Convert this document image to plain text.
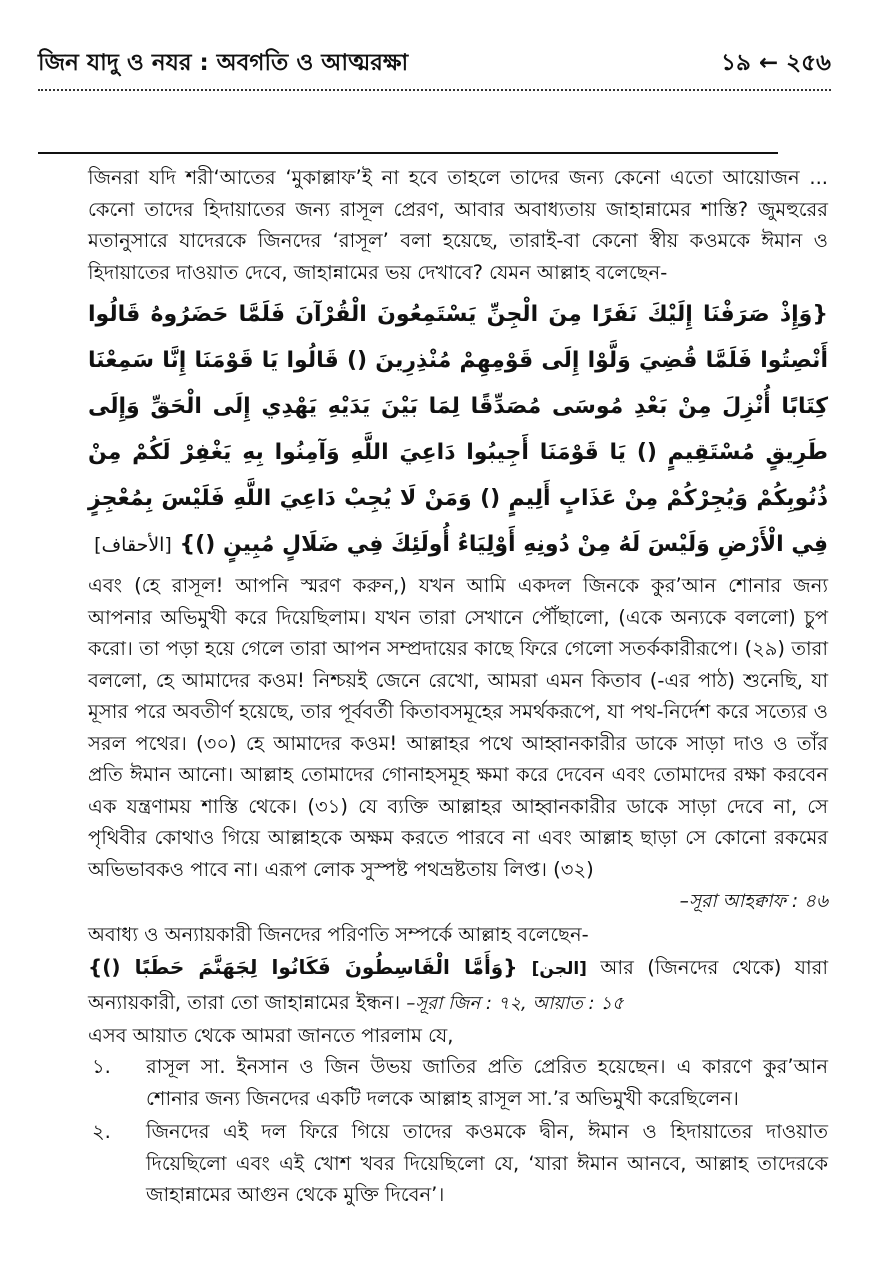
জিন যাদু ও নযর : অবগতি ও আত্মরক্ষা	১৯ ← ২৫৬

জিনরা যদি শরী‘আতের ‘মুকাল্লাফ’ই না হবে তাহলে তাদের জন্য কেনো এতো আয়োজন ... কেনো তাদের হিদায়াতের জন্য রাসূল প্রেরণ, আবার অবাধ্যতায় জাহান্নামের শাস্তি? জুমহুরের মতানুসারে যাদেরকে জিনদের ‘রাসূল’ বলা হয়েছে, তারাই-বা কেনো স্বীয় কওমকে ঈমান ও হিদায়াতের দাওয়াত দেবে, জাহান্নামের ভয় দেখাবে? যেমন আল্লাহ বলেছেন-

{وَإِذْ صَرَفْنَا إِلَيْكَ نَفَرًا مِنَ الْجِنِّ يَسْتَمِعُونَ الْقُرْآنَ فَلَمَّا حَضَرُوهُ قَالُوا أَنْصِتُوا فَلَمَّا قُضِيَ وَلَّوْا إِلَى قَوْمِهِمْ مُنْذِرِينَ () قَالُوا يَا قَوْمَنَا إِنَّا سَمِعْنَا كِتَابًا أُنْزِلَ مِنْ بَعْدِ مُوسَى مُصَدِّقًا لِمَا بَيْنَ يَدَيْهِ يَهْدِي إِلَى الْحَقِّ وَإِلَى طَرِيقٍ مُسْتَقِيمٍ () يَا قَوْمَنَا أَجِيبُوا دَاعِيَ اللَّهِ وَآمِنُوا بِهِ يَغْفِرْ لَكُمْ مِنْ ذُنُوبِكُمْ وَيُجِرْكُمْ مِنْ عَذَابٍ أَلِيمٍ () وَمَنْ لَا يُجِبْ دَاعِيَ اللَّهِ فَلَيْسَ بِمُعْجِزٍ فِي الْأَرْضِ وَلَيْسَ لَهُ مِنْ دُونِهِ أَوْلِيَاءُ أُولَئِكَ فِي ضَلَالٍ مُبِينٍ ()} [الأحقاف]

এবং (হে রাসূল! আপনি স্মরণ করুন,) যখন আমি একদল জিনকে কুর’আন শোনার জন্য আপনার অভিমুখী করে দিয়েছিলাম। যখন তারা সেখানে পৌঁছালো, (একে অন্যকে বললো) চুপ করো। তা পড়া হয়ে গেলে তারা আপন সম্প্রদায়ের কাছে ফিরে গেলো সতর্ককারীরূপে। (২৯) তারা বললো, হে আমাদের কওম! নিশ্চয়ই জেনে রেখো, আমরা এমন কিতাব (-এর পাঠ) শুনেছি, যা মূসার পরে অবতীর্ণ হয়েছে, তার পূর্ববর্তী কিতাবসমূহের সমর্থকরূপে, যা পথ-নির্দেশ করে সত্যের ও সরল পথের। (৩০) হে আমাদের কওম! আল্লাহর পথে আহ্বানকারীর ডাকে সাড়া দাও ও তাঁর প্রতি ঈমান আনো। আল্লাহ তোমাদের গোনাহসমূহ ক্ষমা করে দেবেন এবং তোমাদের রক্ষা করবেন এক যন্ত্রণাময় শাস্তি থেকে। (৩১) যে ব্যক্তি আল্লাহর আহ্বানকারীর ডাকে সাড়া দেবে না, সে পৃথিবীর কোথাও গিয়ে আল্লাহকে অক্ষম করতে পারবে না এবং আল্লাহ ছাড়া সে কোনো রকমের অভিভাবকও পাবে না। এরূপ লোক সুস্পষ্ট পথভ্রষ্টতায় লিপ্ত। (৩২)

–সূরা আহক্বাফ : ৪৬

অবাধ্য ও অন্যায়কারী জিনদের পরিণতি সম্পর্কে আল্লাহ বলেছেন-

[الجن] {وَأَمَّا الْقَاسِطُونَ فَكَانُوا لِجَهَنَّمَ حَطَبًا ()}	আর (জিনদের থেকে) যারা অন্যায়কারী, তারা তো জাহান্নামের ইন্ধন। –সূরা জিন : ৭২, আয়াত : ১৫

এসব আয়াত থেকে আমরা জানতে পারলাম যে,

১. রাসূল সা. ইনসান ও জিন উভয় জাতির প্রতি প্রেরিত হয়েছেন। এ কারণে কুর’আন শোনার জন্য জিনদের একটি দলকে আল্লাহ রাসূল সা.’র অভিমুখী করেছিলেন।
২. জিনদের এই দল ফিরে গিয়ে তাদের কওমকে দ্বীন, ঈমান ও হিদায়াতের দাওয়াত দিয়েছিলো এবং এই খোশ খবর দিয়েছিলো যে, ‘যারা ঈমান আনবে, আল্লাহ তাদেরকে জাহান্নামের আগুন থেকে মুক্তি দিবেন’।
